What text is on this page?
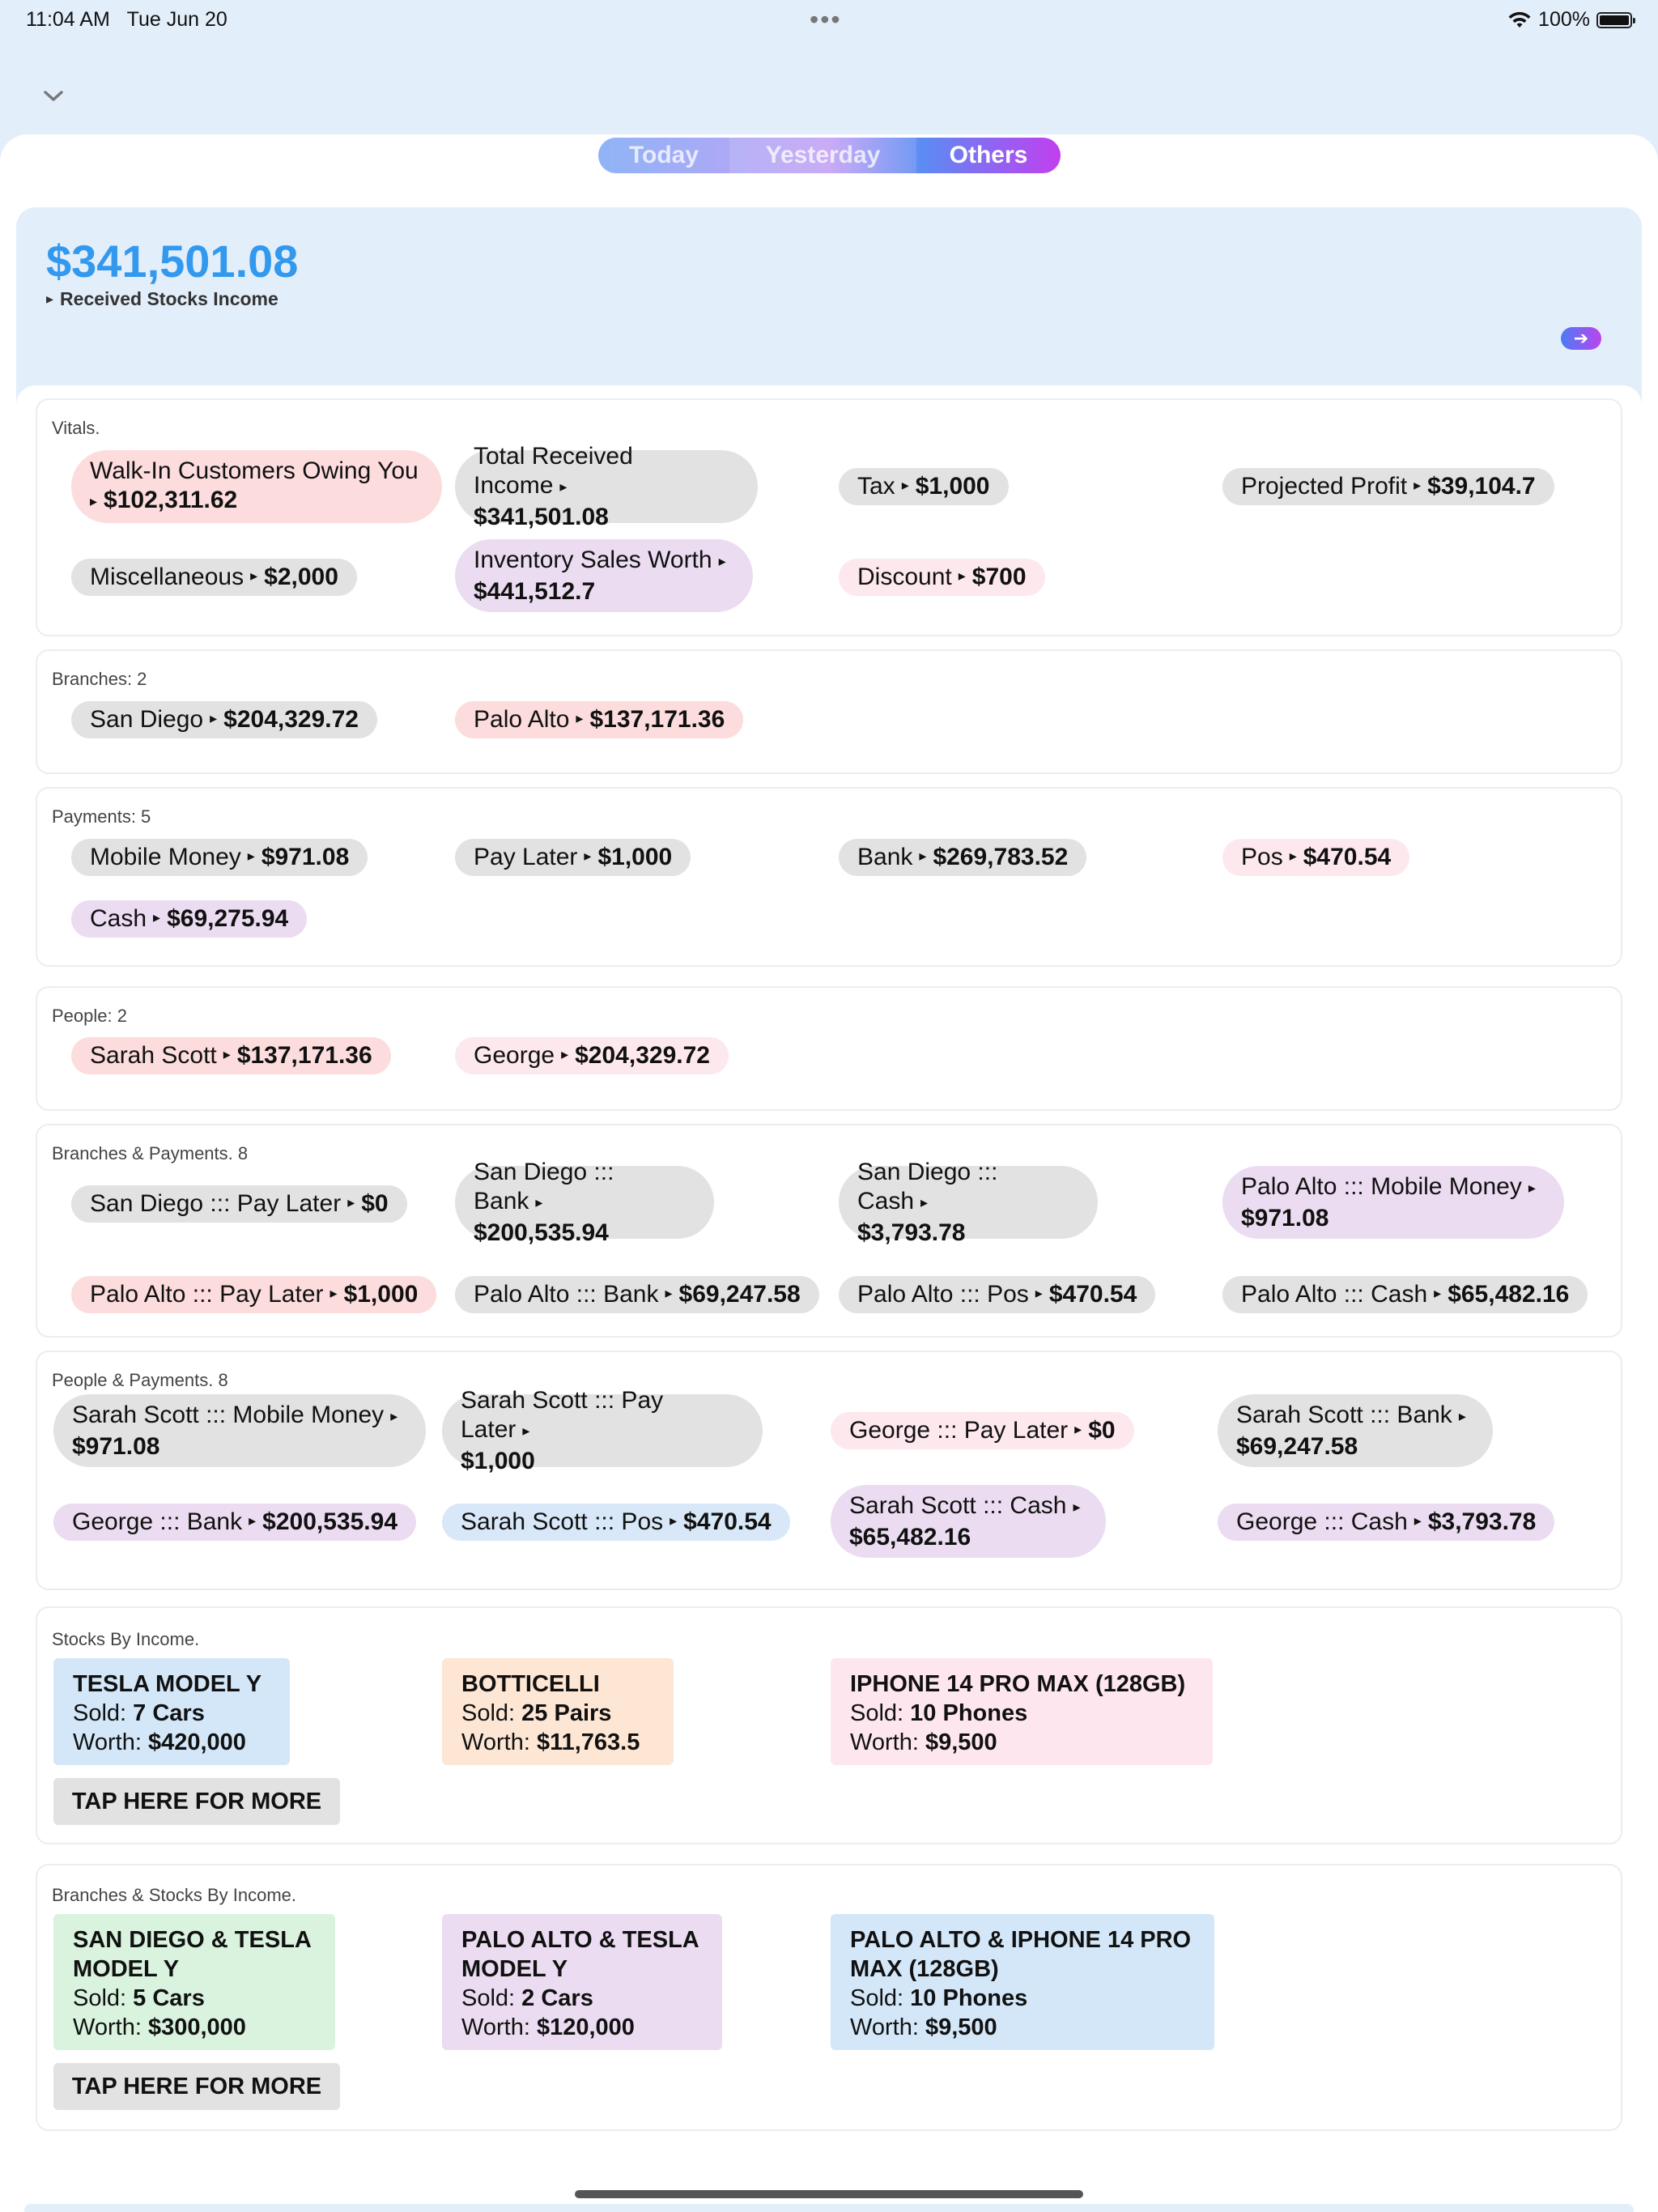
11:04 AM Tue Jun 20	•••	100%
Today	Yesterday	Others
$341,501.08
▸ Received Stocks Income
➔
Vitals.
Walk-In Customers Owing You
▸ $102,311.62
Total Received Income ▸
$341,501.08
Tax ▸ $1,000	Projected Profit ▸ $39,104.7
Miscellaneous ▸ $2,000
Inventory Sales Worth ▸
$441,512.7
Discount ▸ $700
Branches: 2
San Diego ▸ $204,329.72	Palo Alto ▸ $137,171.36
Payments: 5
Mobile Money ▸ $971.08	Pay Later ▸ $1,000	Bank ▸ $269,783.52	Pos ▸ $470.54
Cash ▸ $69,275.94
People: 2
Sarah Scott ▸ $137,171.36	George ▸ $204,329.72
Branches & Payments. 8
San Diego ::: Pay Later ▸ $0
San Diego ::: Bank ▸
$200,535.94
San Diego ::: Cash ▸
$3,793.78
Palo Alto ::: Mobile Money ▸
$971.08
Palo Alto ::: Pay Later ▸ $1,000 Palo Alto ::: Bank ▸ $69,247.58 Palo Alto ::: Pos ▸ $470.54	Palo Alto ::: Cash ▸ $65,482.16
People & Payments. 8
Sarah Scott ::: Mobile Money ▸
$971.08
Sarah Scott ::: Pay Later ▸
$1,000
George ::: Pay Later ▸ $0
Sarah Scott ::: Bank ▸
$69,247.58
George ::: Bank ▸ $200,535.94	Sarah Scott ::: Pos ▸ $470.54
Sarah Scott ::: Cash ▸
$65,482.16
George ::: Cash ▸ $3,793.78
Stocks By Income.
TESLA MODEL Y
Sold: 7 Cars
Worth: $420,000
BOTTICELLI
Sold: 25 Pairs
Worth: $11,763.5
IPHONE 14 PRO MAX (128GB)
Sold: 10 Phones
Worth: $9,500
TAP HERE FOR MORE
Branches & Stocks By Income.
SAN DIEGO & TESLA MODEL Y
Sold: 5 Cars
Worth: $300,000
PALO ALTO & TESLA MODEL Y
Sold: 2 Cars
Worth: $120,000
PALO ALTO & IPHONE 14 PRO MAX (128GB)
Sold: 10 Phones
Worth: $9,500
TAP HERE FOR MORE
